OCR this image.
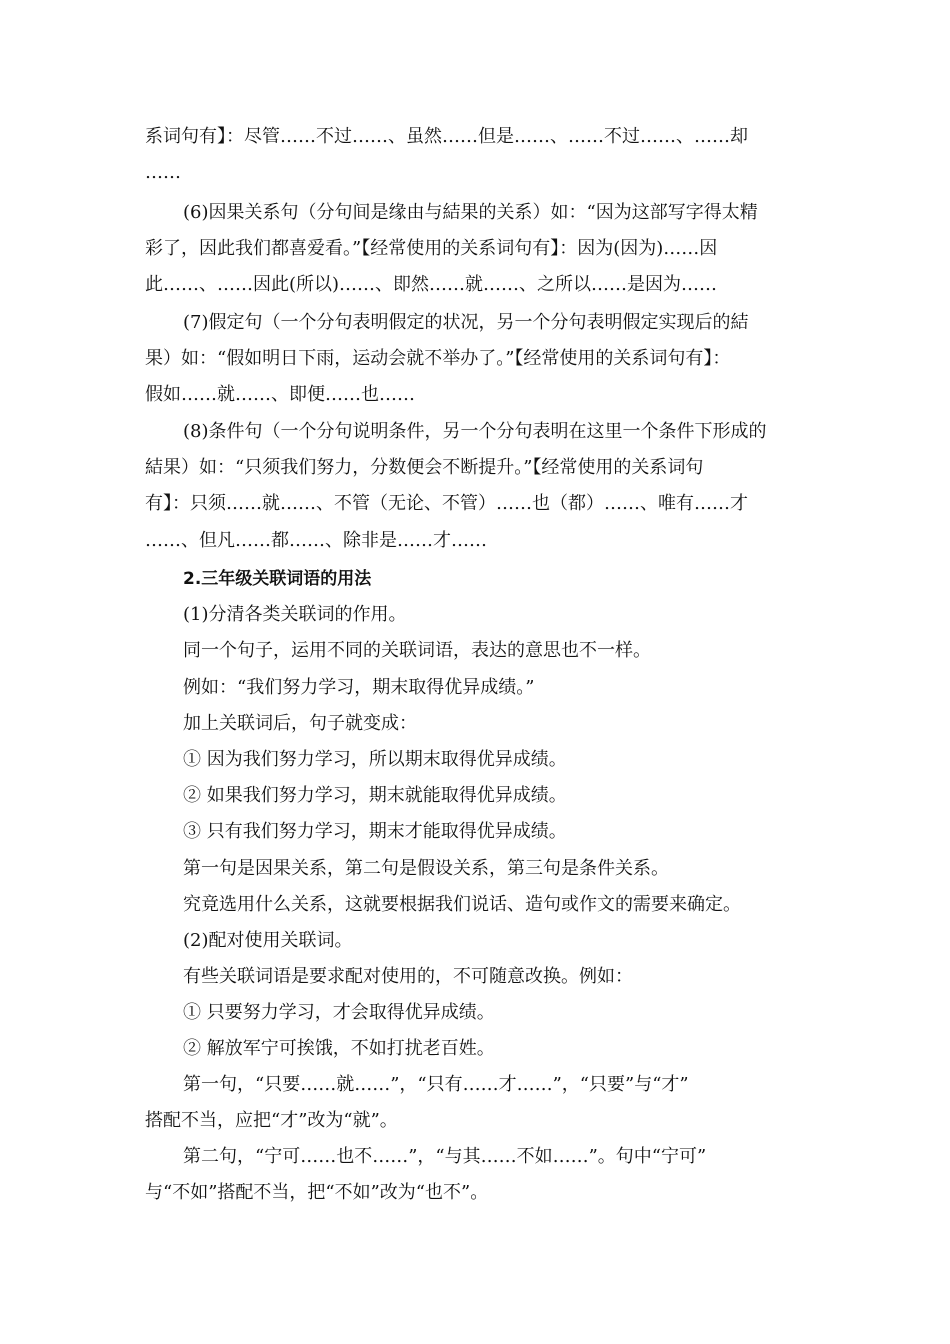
系词句有】：尽管……不过……、虽然……但是……、……不过……、……却
……
(6)因果关系句（分句间是缘由与結果的关系）如：“因为这部写字得太精
彩了，因此我们都喜爱看。”【经常使用的关系词句有】：因为(因为)……因
此……、……因此(所以)……、即然……就……、之所以……是因为……
(7)假定句（一个分句表明假定的状况，另一个分句表明假定实现后的結
果）如：“假如明日下雨，运动会就不举办了。”【经常使用的关系词句有】：
假如……就……、即便……也……
(8)条件句（一个分句说明条件，另一个分句表明在这里一个条件下形成的
結果）如：“只须我们努力，分数便会不断提升。”【经常使用的关系词句
有】：只须……就……、不管（无论、不管）……也（都）……、唯有……才
……、但凡……都……、除非是……才……
2.三年级关联词语的用法
(1)分清各类关联词的作用。
同一个句子，运用不同的关联词语，表达的意思也不一样。
例如：“我们努力学习，期末取得优异成绩。”
加上关联词后，句子就变成：
① 因为我们努力学习，所以期末取得优异成绩。
② 如果我们努力学习，期末就能取得优异成绩。
③ 只有我们努力学习，期末才能取得优异成绩。
第一句是因果关系，第二句是假设关系，第三句是条件关系。
究竟选用什么关系，这就要根据我们说话、造句或作文的需要来确定。
(2)配对使用关联词。
有些关联词语是要求配对使用的，不可随意改换。例如：
① 只要努力学习，才会取得优异成绩。
② 解放军宁可挨饿，不如打扰老百姓。
第一句，“只要……就……”，“只有……才……”，“只要”与“才”
搭配不当，应把“才”改为“就”。
第二句，“宁可……也不……”，“与其……不如……”。句中“宁可”
与“不如”搭配不当，把“不如”改为“也不”。
